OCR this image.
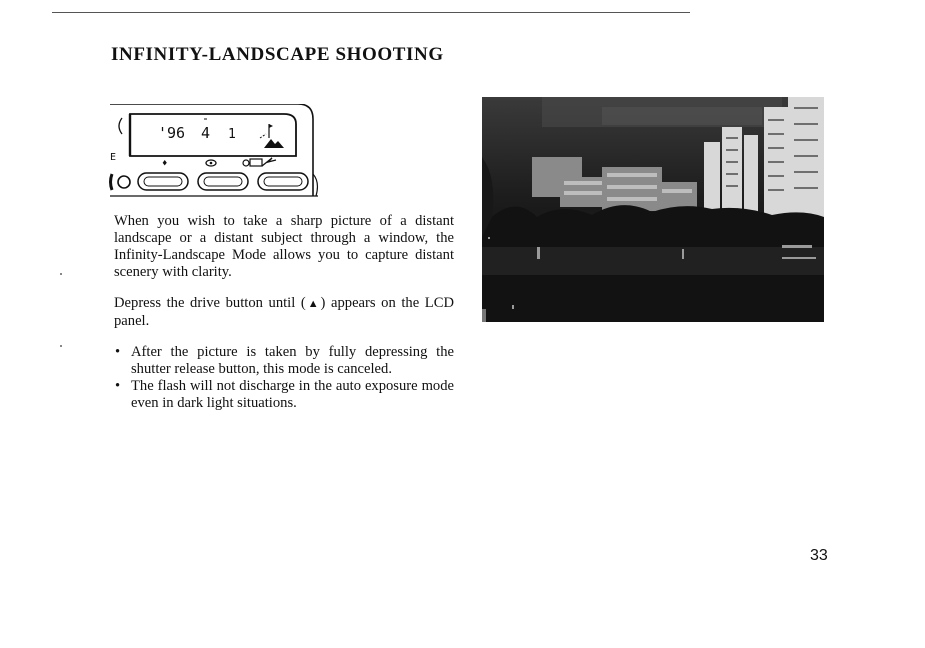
INFINITY-LANDSCAPE SHOOTING
E
'96 4 1
♦

When you wish to take a sharp picture of a distant landscape or a distant subject through a window, the Infinity-Landscape Mode allows you to capture distant scenery with clarity.

Depress the drive button until (▲) appears on the LCD panel.

• After the picture is taken by fully depressing the shutter release button, this mode is canceled.
• The flash will not discharge in the auto exposure mode even in dark light situations.
33
